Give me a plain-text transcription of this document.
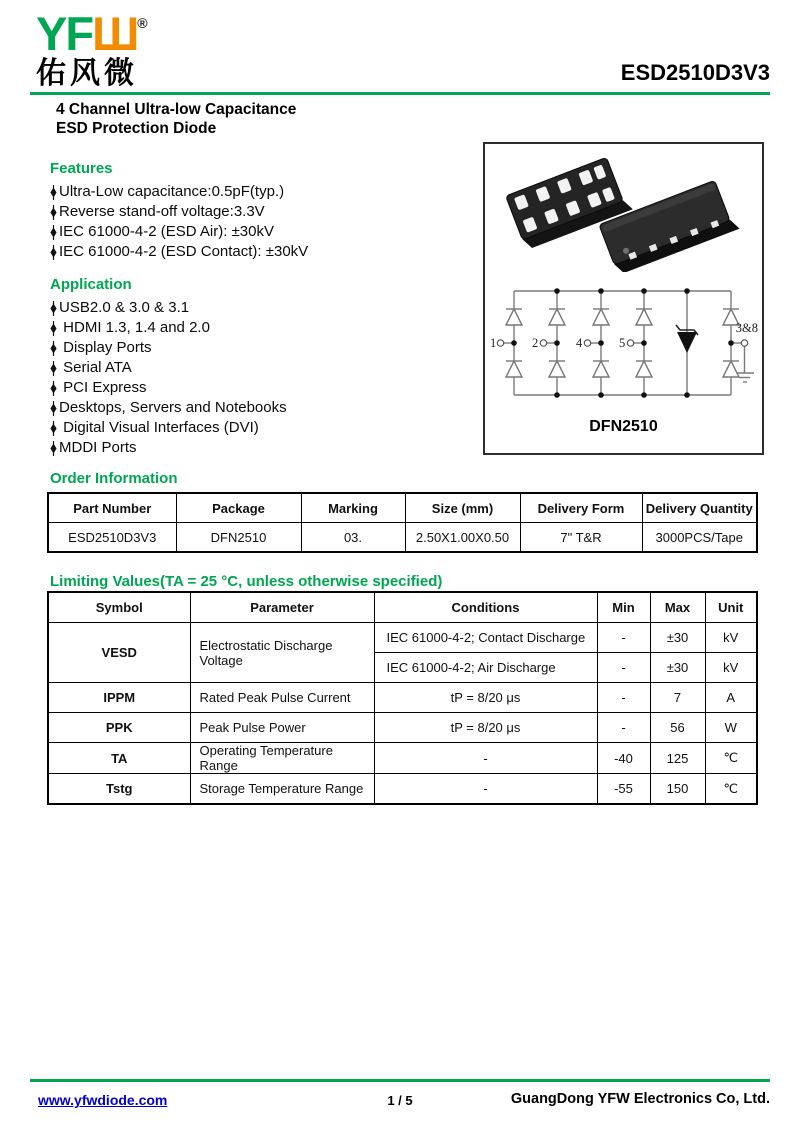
YFШ®
佑风微	ESD2510D3V3
4 Channel Ultra-low Capacitance
ESD Protection Diode
Features
Ultra-Low capacitance:0.5pF(typ.)
Reverse stand-off voltage:3.3V
IEC 61000-4-2 (ESD Air): ±30kV
IEC 61000-4-2 (ESD Contact): ±30kV
Application
USB2.0 & 3.0 & 3.1
HDMI 1.3, 1.4 and 2.0
Display Ports
Serial ATA
PCI Express
Desktops, Servers and Notebooks
Digital Visual Interfaces (DVI)
MDDI Ports

1	2	4	5
3&8
DFN2510
Order Information
Part Number	Package	Marking	Size (mm)	Delivery Form	Delivery Quantity
ESD2510D3V3	DFN2510	03.	2.50X1.00X0.50	7" T&R	3000PCS/Tape
Limiting Values(TA = 25 °C, unless otherwise specified)
Symbol	Parameter	Conditions	Min	Max	Unit
VESD	Electrostatic Discharge Voltage	IEC 61000-4-2; Contact Discharge	-	±30	kV
		IEC 61000-4-2; Air Discharge	-	±30	kV
IPPM	Rated Peak Pulse Current	tP = 8/20 μs	-	7	A
PPK	Peak Pulse Power	tP = 8/20 μs	-	56	W
TA	Operating Temperature Range	-	-40	125	℃
Tstg	Storage Temperature Range	-	-55	150	℃
www.yfwdiode.com	1 / 5	GuangDong YFW Electronics Co, Ltd.
